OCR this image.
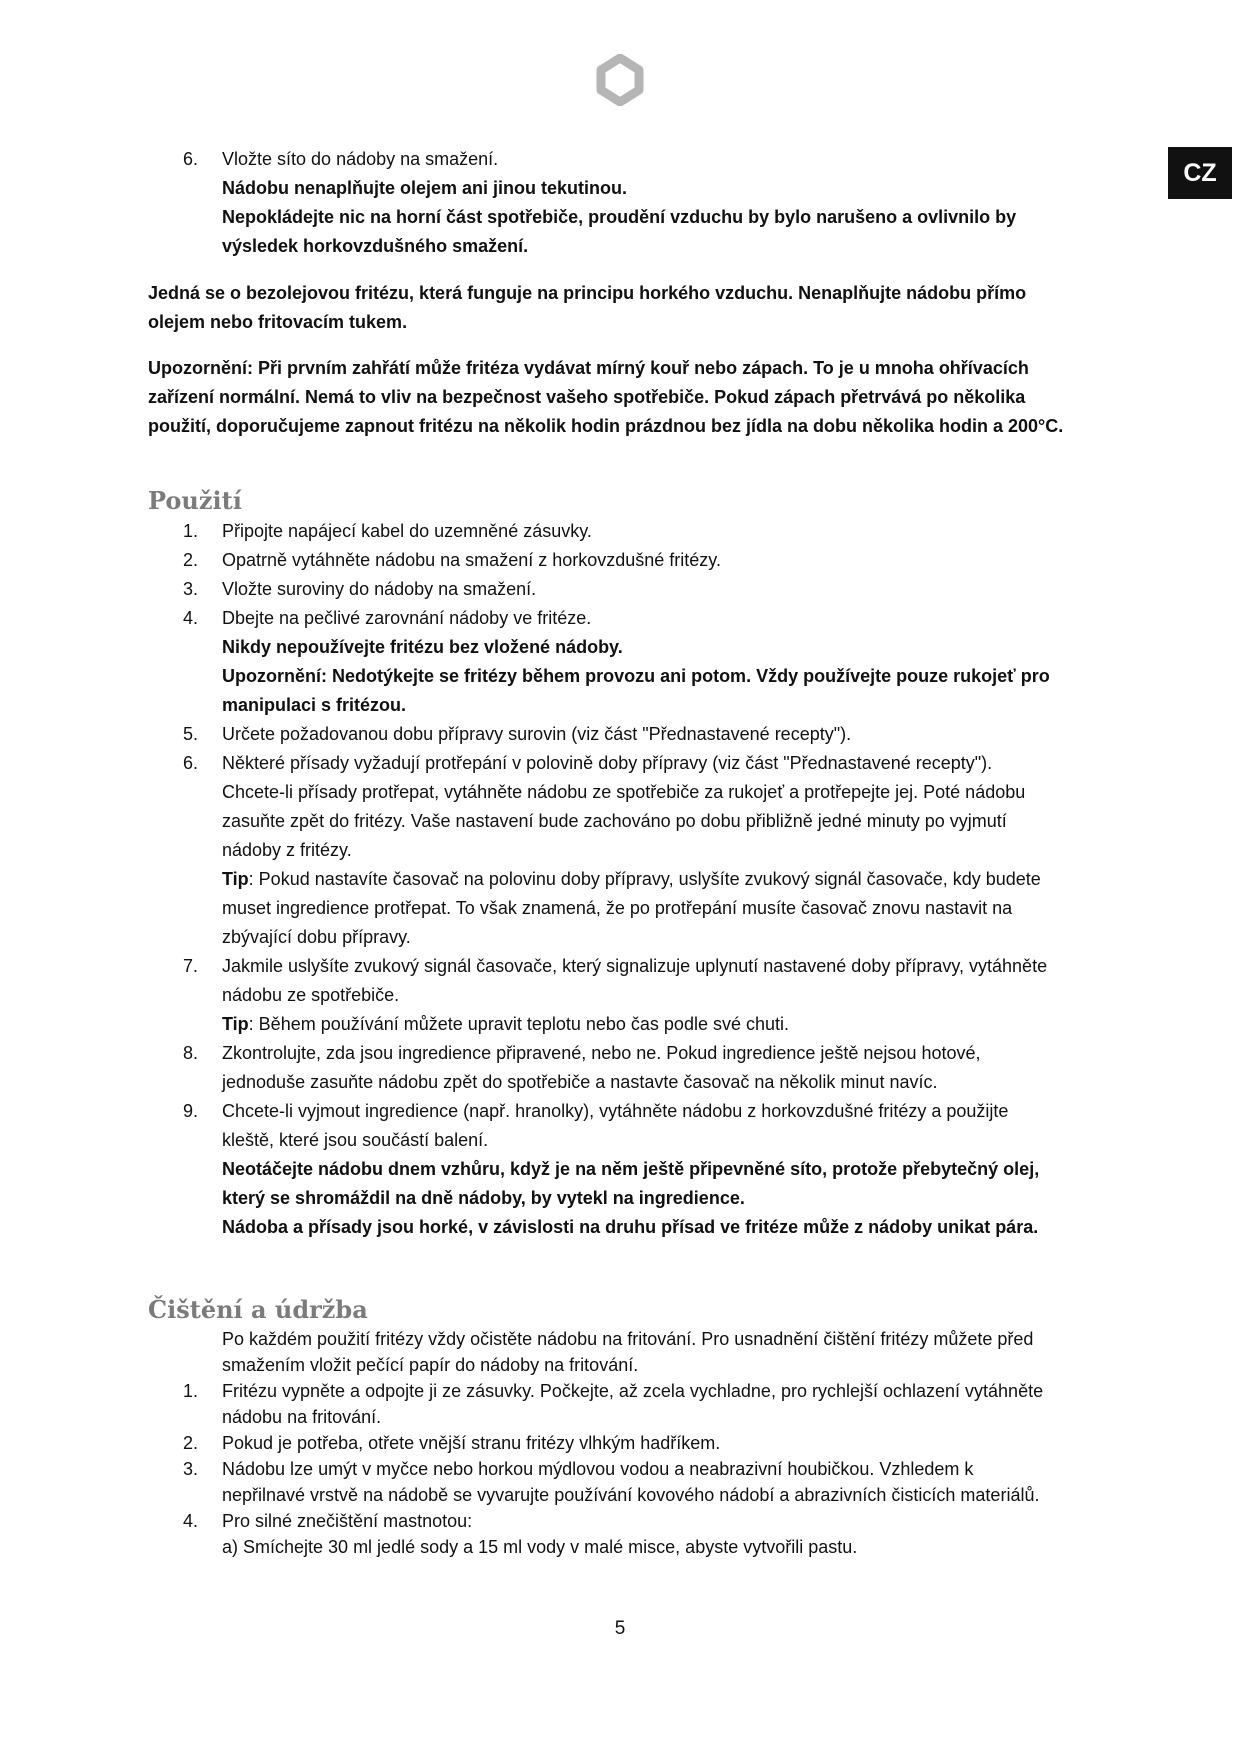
CZ
6.	Vložte síto do nádoby na smažení.
Nádobu nenaplňujte olejem ani jinou tekutinou.
Nepokládejte nic na horní část spotřebiče, proudění vzduchu by bylo narušeno a ovlivnilo by
výsledek horkovzdušného smažení.
Jedná se o bezolejovou fritézu, která funguje na principu horkého vzduchu. Nenaplňujte nádobu přímo olejem nebo fritovacím tukem.
Upozornění: Při prvním zahřátí může fritéza vydávat mírný kouř nebo zápach. To je u mnoha ohřívacích zařízení normální. Nemá to vliv na bezpečnost vašeho spotřebiče. Pokud zápach přetrvává po několika použití, doporučujeme zapnout fritézu na několik hodin prázdnou bez jídla na dobu několika hodin a 200°C.
Použití
1.	Připojte napájecí kabel do uzemněné zásuvky.
2.	Opatrně vytáhněte nádobu na smažení z horkovzdušné fritézy.
3.	Vložte suroviny do nádoby na smažení.
4.	Dbejte na pečlivé zarovnání nádoby ve fritéze.
Nikdy nepoužívejte fritézu bez vložené nádoby.
Upozornění: Nedotýkejte se fritézy během provozu ani potom. Vždy používejte pouze rukojeť pro
manipulaci s fritézou.
5.	Určete požadovanou dobu přípravy surovin (viz část "Přednastavené recepty").
6.	Některé přísady vyžadují protřepání v polovině doby přípravy (viz část "Přednastavené recepty").
Chcete-li přísady protřepat, vytáhněte nádobu ze spotřebiče za rukojeť a protřepejte jej. Poté nádobu
zasuňte zpět do fritézy. Vaše nastavení bude zachováno po dobu přibližně jedné minuty po vyjmutí
nádoby z fritézy.
Tip: Pokud nastavíte časovač na polovinu doby přípravy, uslyšíte zvukový signál časovače, kdy budete
muset ingredience protřepat. To však znamená, že po protřepání musíte časovač znovu nastavit na
zbývající dobu přípravy.
7.	Jakmile uslyšíte zvukový signál časovače, který signalizuje uplynutí nastavené doby přípravy, vytáhněte
nádobu ze spotřebiče.
Tip: Během používání můžete upravit teplotu nebo čas podle své chuti.
8.	Zkontrolujte, zda jsou ingredience připravené, nebo ne. Pokud ingredience ještě nejsou hotové,
jednoduše zasuňte nádobu zpět do spotřebiče a nastavte časovač na několik minut navíc.
9.	Chcete-li vyjmout ingredience (např. hranolky), vytáhněte nádobu z horkovzdušné fritézy a použijte
kleště, které jsou součástí balení.
Neotáčejte nádobu dnem vzhůru, když je na něm ještě připevněné síto, protože přebytečný olej,
který se shromáždil na dně nádoby, by vytekl na ingredience.
Nádoba a přísady jsou horké, v závislosti na druhu přísad ve fritéze může z nádoby unikat pára.
Čištění a údržba
Po každém použití fritézy vždy očistěte nádobu na fritování. Pro usnadnění čištění fritézy můžete před
smažením vložit pečící papír do nádoby na fritování.
1.	Fritézu vypněte a odpojte ji ze zásuvky. Počkejte, až zcela vychladne, pro rychlejší ochlazení vytáhněte
nádobu na fritování.
2.	Pokud je potřeba, otřete vnější stranu fritézy vlhkým hadříkem.
3.	Nádobu lze umýt v myčce nebo horkou mýdlovou vodou a neabrazivní houbičkou. Vzhledem k
nepřilnavé vrstvě na nádobě se vyvarujte používání kovového nádobí a abrazivních čisticích materiálů.
4.	Pro silné znečištění mastnotou:
a) Smíchejte 30 ml jedlé sody a 15 ml vody v malé misce, abyste vytvořili pastu.
5
